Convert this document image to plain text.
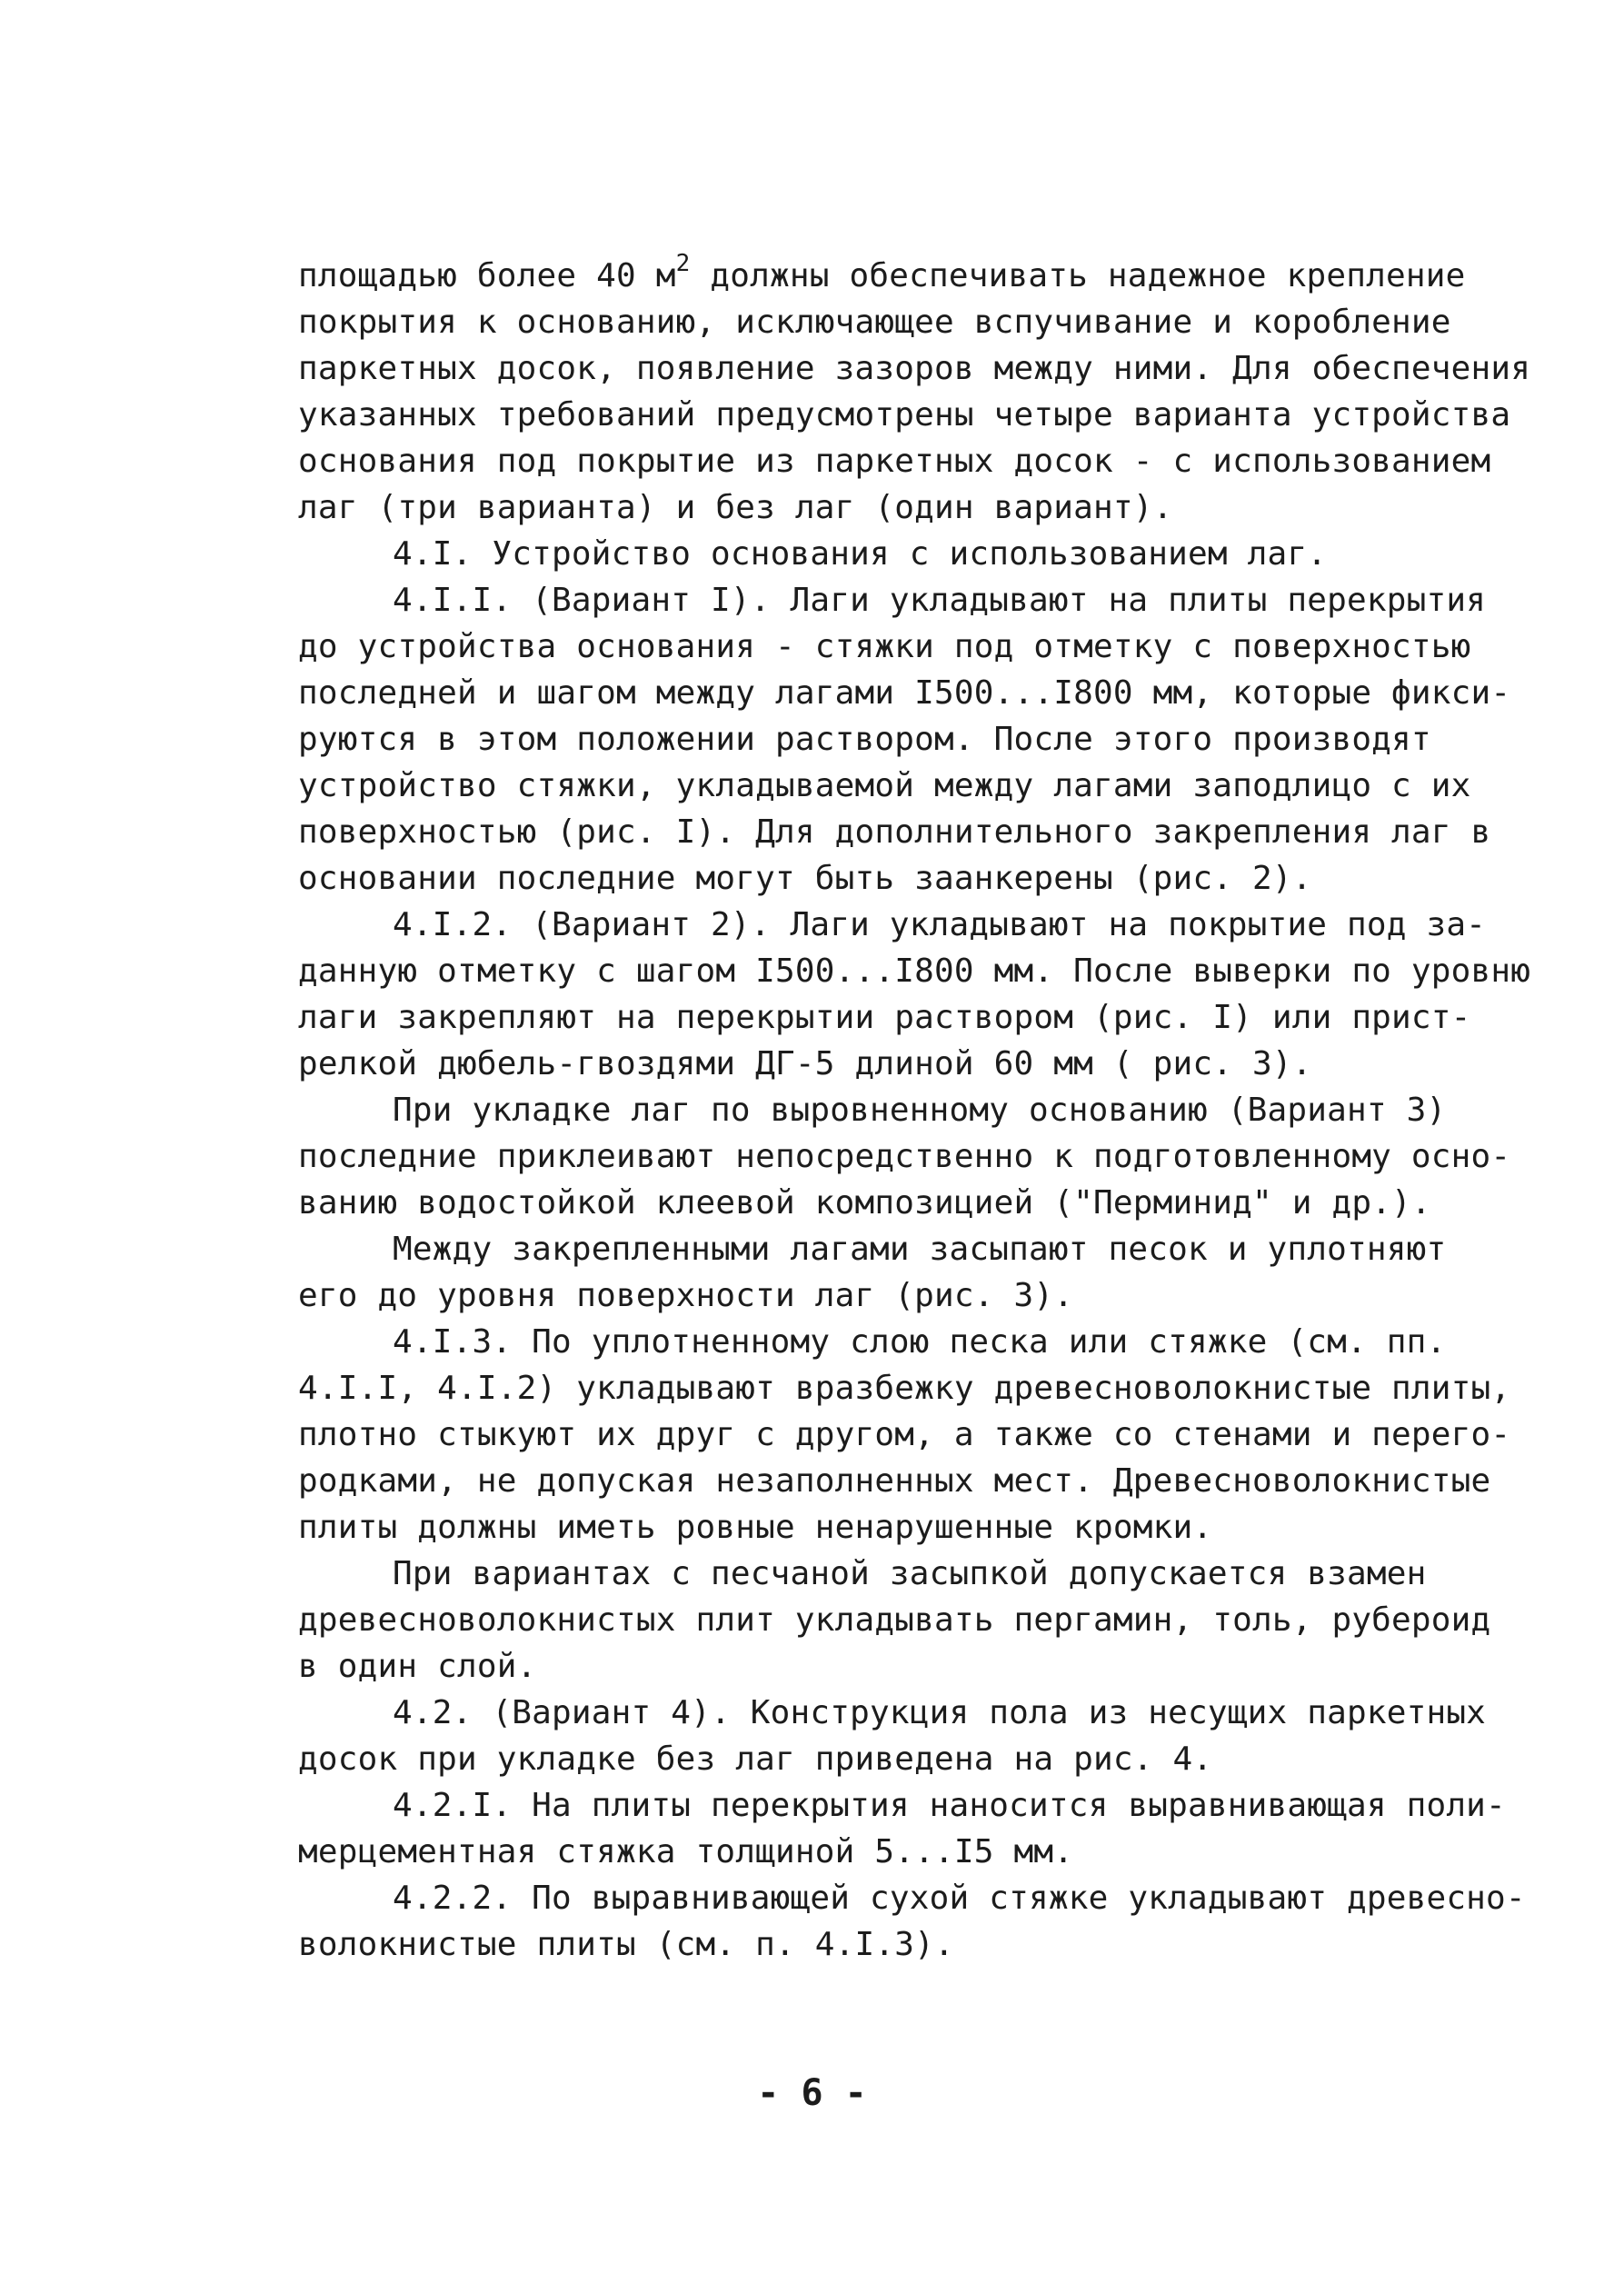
площадью более 40 $м^2$ должны обеспечивать надежное крепление
покрытия к основанию, исключающее вспучивание и коробление
паркетных досок, появление зазоров между ними. Для обеспечения
указанных требований предусмотрены четыре варианта устройства
основания под покрытие из паркетных досок - с использованием
лаг (три варианта) и без лаг (один вариант).
4.I. Устройство основания с использованием лаг.
4.I.I. (Вариант I). Лаги укладывают на плиты перекрытия
до устройства основания - стяжки под отметку с поверхностью
последней и шагом между лагами I500...I800 мм, которые фикси-
руются в этом положении раствором. После этого производят
устройство стяжки, укладываемой между лагами заподлицо с их
поверхностью (рис. I). Для дополнительного закрепления лаг в
основании последние могут быть заанкерены (рис. 2).
4.I.2. (Вариант 2). Лаги укладывают на покрытие под за-
данную отметку с шагом I500...I800 мм. После выверки по уровню
лаги закрепляют на перекрытии раствором (рис. I) или прист-
релкой дюбель-гвоздями ДГ-5 длиной 60 мм ( рис. 3).
При укладке лаг по выровненному основанию (Вариант 3)
последние приклеивают непосредственно к подготовленному осно-
ванию водостойкой клеевой композицией ("Перминид" и др.).
Между закрепленными лагами засыпают песок и уплотняют
его до уровня поверхности лаг (рис. 3).
4.I.3. По уплотненному слою песка или стяжке (см. пп.
4.I.I, 4.I.2) укладывают вразбежку древесноволокнистые плиты,
плотно стыкуют их друг с другом, а также со стенами и перего-
родками, не допуская незаполненных мест. Древесноволокнистые
плиты должны иметь ровные ненарушенные кромки.
При вариантах с песчаной засыпкой допускается взамен
древесноволокнистых плит укладывать пергамин, толь, рубероид
в один слой.
4.2. (Вариант 4). Конструкция пола из несущих паркетных
досок при укладке без лаг приведена на рис. 4.
4.2.I. На плиты перекрытия наносится выравнивающая поли-
мерцементная стяжка толщиной 5...I5 мм.
4.2.2. По выравнивающей сухой стяжке укладывают древесно-
волокнистые плиты (см. п. 4.I.3).
- 6 -
